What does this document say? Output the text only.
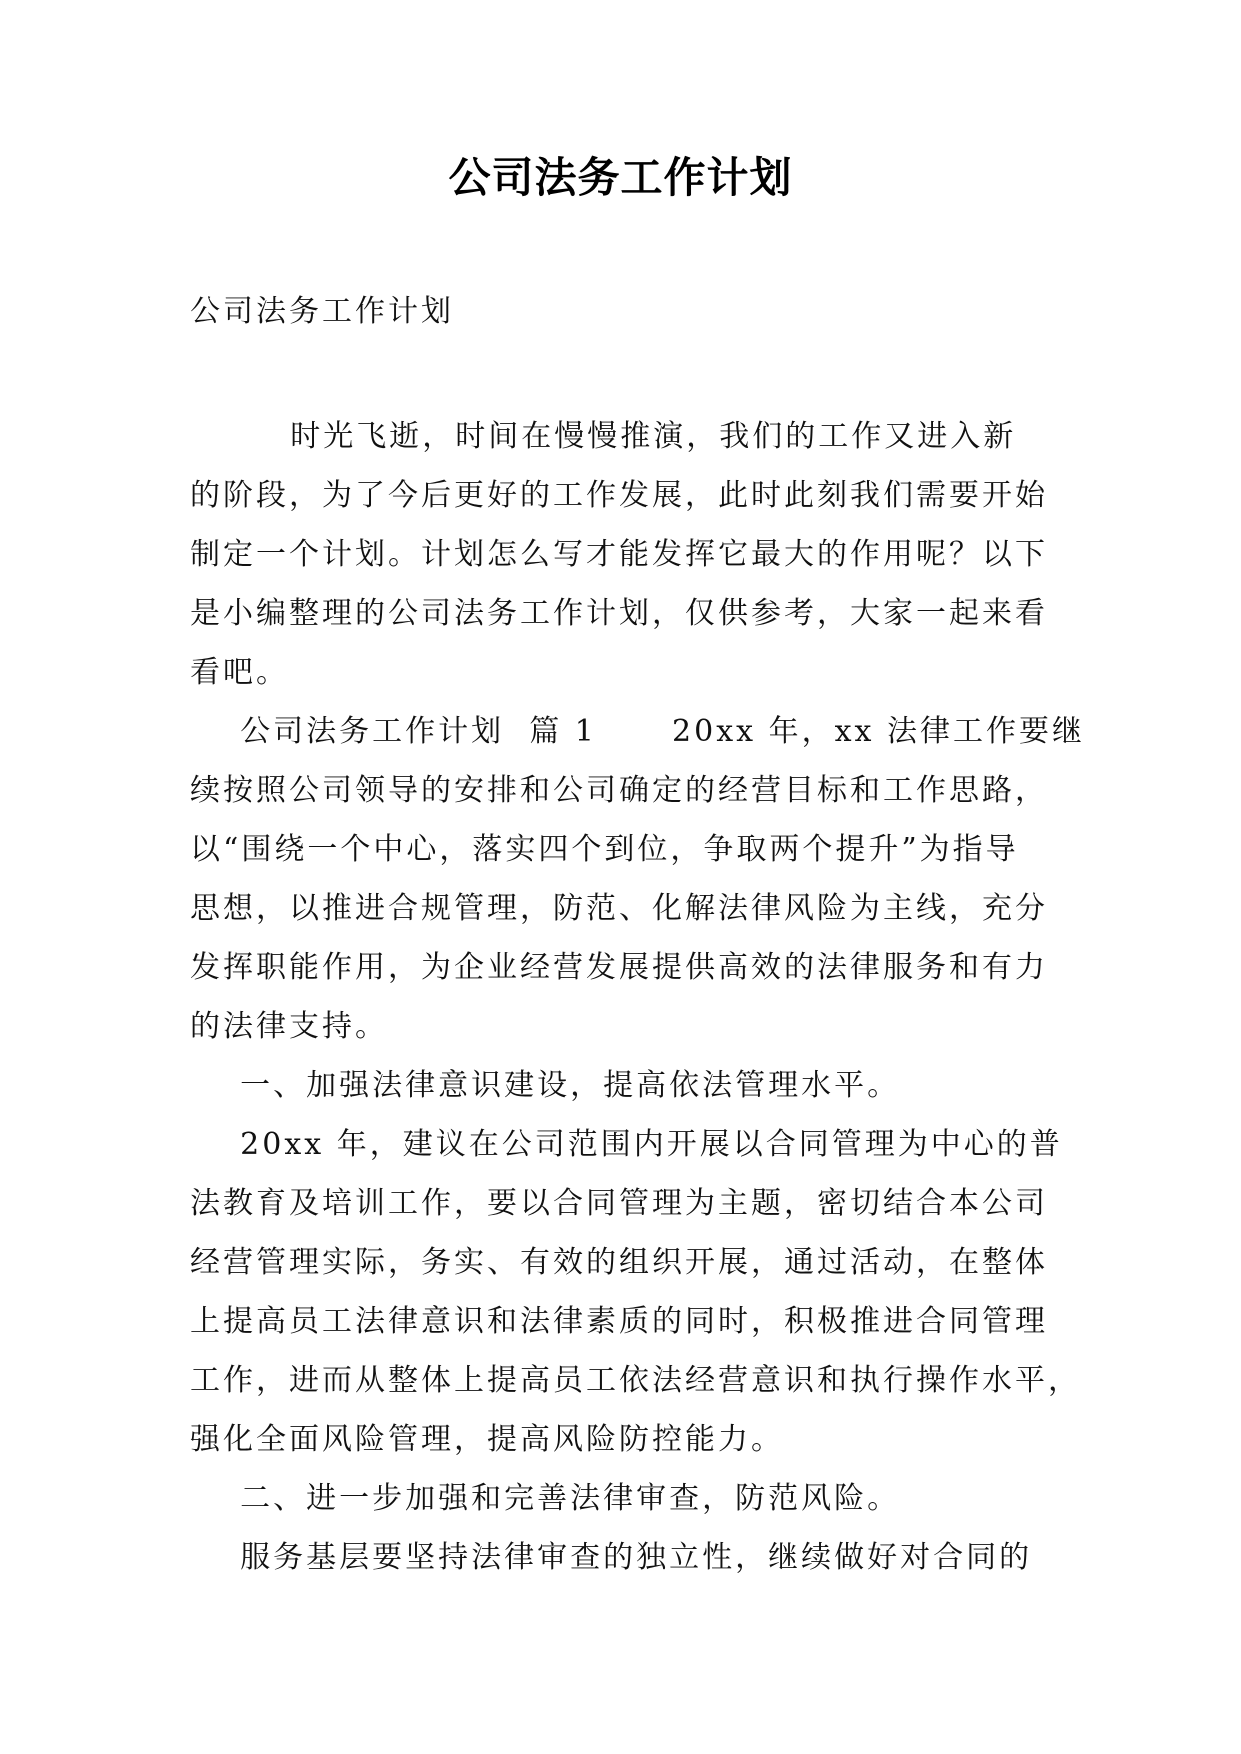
公司法务工作计划
公司法务工作计划

时光飞逝，时间在慢慢推演，我们的工作又进入新
的阶段，为了今后更好的工作发展，此时此刻我们需要开始
制定一个计划。计划怎么写才能发挥它最大的作用呢？以下
是小编整理的公司法务工作计划，仅供参考，大家一起来看
看吧。
公司法务工作计划  篇 1      20xx 年，xx 法律工作要继
续按照公司领导的安排和公司确定的经营目标和工作思路，
以“围绕一个中心，落实四个到位，争取两个提升”为指导
思想，以推进合规管理，防范、化解法律风险为主线，充分
发挥职能作用，为企业经营发展提供高效的法律服务和有力
的法律支持。
一、加强法律意识建设，提高依法管理水平。
20xx 年，建议在公司范围内开展以合同管理为中心的普
法教育及培训工作，要以合同管理为主题，密切结合本公司
经营管理实际，务实、有效的组织开展，通过活动，在整体
上提高员工法律意识和法律素质的同时，积极推进合同管理
工作，进而从整体上提高员工依法经营意识和执行操作水平，
强化全面风险管理，提高风险防控能力。
二、进一步加强和完善法律审查，防范风险。
服务基层要坚持法律审查的独立性，继续做好对合同的
